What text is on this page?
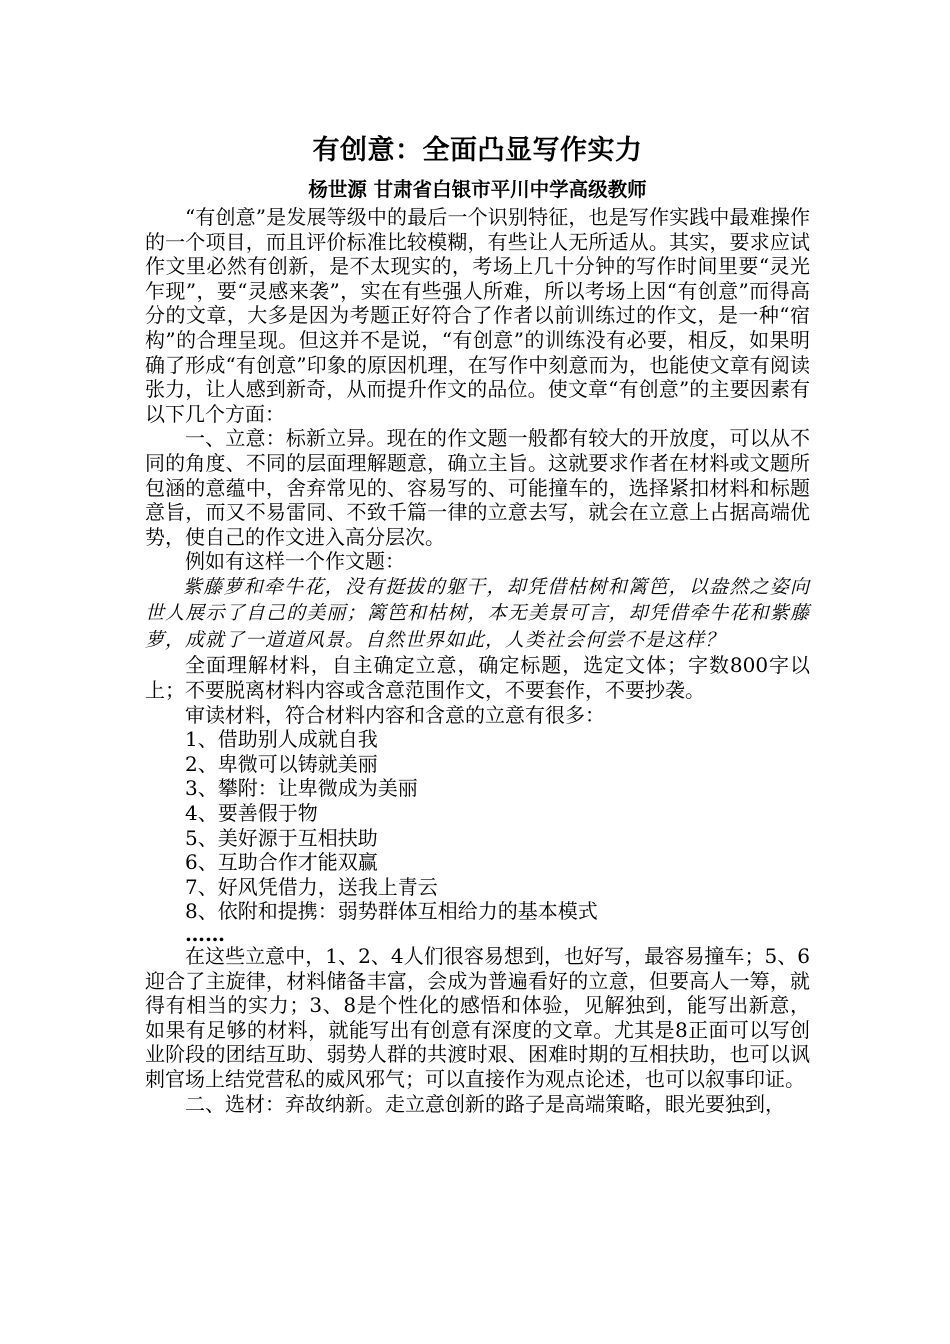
有创意：全面凸显写作实力
杨世源 甘肃省白银市平川中学高级教师

“有创意”是发展等级中的最后一个识别特征，也是写作实践中最难操作的一个项目，而且评价标准比较模糊，有些让人无所适从。其实，要求应试作文里必然有创新，是不太现实的，考场上几十分钟的写作时间里要“灵光乍现”，要“灵感来袭”，实在有些强人所难，所以考场上因“有创意”而得高分的文章，大多是因为考题正好符合了作者以前训练过的作文，是一种“宿构”的合理呈现。但这并不是说，“有创意”的训练没有必要，相反，如果明确了形成“有创意”印象的原因机理，在写作中刻意而为，也能使文章有阅读张力，让人感到新奇，从而提升作文的品位。使文章“有创意”的主要因素有以下几个方面：

一、立意：标新立异。现在的作文题一般都有较大的开放度，可以从不同的角度、不同的层面理解题意，确立主旨。这就要求作者在材料或文题所包涵的意蕴中，舍弃常见的、容易写的、可能撞车的，选择紧扣材料和标题意旨，而又不易雷同、不致千篇一律的立意去写，就会在立意上占据高端优势，使自己的作文进入高分层次。

例如有这样一个作文题：

紫藤萝和牵牛花，没有挺拔的躯干，却凭借枯树和篱笆，以盎然之姿向世人展示了自己的美丽；篱笆和枯树，本无美景可言，却凭借牵牛花和紫藤萝，成就了一道道风景。自然世界如此，人类社会何尝不是这样？

全面理解材料，自主确定立意，确定标题，选定文体；字数800字以上；不要脱离材料内容或含意范围作文，不要套作，不要抄袭。

审读材料，符合材料内容和含意的立意有很多：

1、借助别人成就自我
2、卑微可以铸就美丽
3、攀附：让卑微成为美丽
4、要善假于物
5、美好源于互相扶助
6、互助合作才能双赢
7、好风凭借力，送我上青云
8、依附和提携：弱势群体互相给力的基本模式
……

在这些立意中，1、2、4人们很容易想到，也好写，最容易撞车；5、6迎合了主旋律，材料储备丰富，会成为普遍看好的立意，但要高人一筹，就得有相当的实力；3、8是个性化的感悟和体验，见解独到，能写出新意，如果有足够的材料，就能写出有创意有深度的文章。尤其是8正面可以写创业阶段的团结互助、弱势人群的共渡时艰、困难时期的互相扶助，也可以讽刺官场上结党营私的威风邪气；可以直接作为观点论述，也可以叙事印证。

二、选材：弃故纳新。走立意创新的路子是高端策略，眼光要独到，
